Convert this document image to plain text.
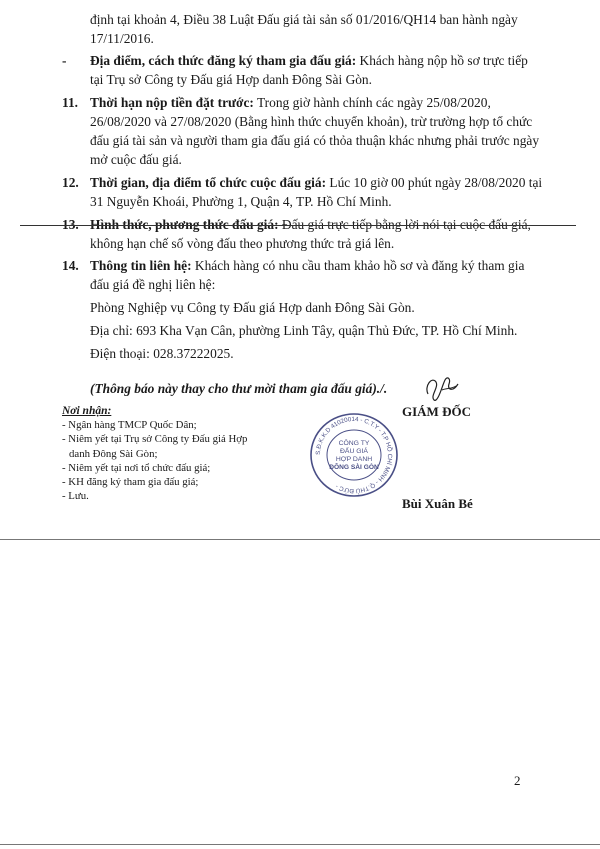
định tại khoản 4, Điều 38 Luật Đấu giá tài sản số 01/2016/QH14 ban hành ngày
17/11/2016.
- Địa điểm, cách thức đăng ký tham gia đấu giá: Khách hàng nộp hồ sơ trực tiếp
tại Trụ sở Công ty Đấu giá Hợp danh Đông Sài Gòn.
11. Thời hạn nộp tiền đặt trước: Trong giờ hành chính các ngày 25/08/2020,
26/08/2020 và 27/08/2020 (Bằng hình thức chuyển khoản), trừ trường hợp tổ chức
đấu giá tài sản và người tham gia đấu giá có thỏa thuận khác nhưng phải trước ngày
mở cuộc đấu giá.
12. Thời gian, địa điểm tổ chức cuộc đấu giá: Lúc 10 giờ 00 phút ngày 28/08/2020 tại
31 Nguyễn Khoái, Phường 1, Quận 4, TP. Hồ Chí Minh.
13. Hình thức, phương thức đấu giá: Đấu giá trực tiếp bằng lời nói tại cuộc đấu giá,
không hạn chế số vòng đấu theo phương thức trả giá lên.
14. Thông tin liên hệ: Khách hàng có nhu cầu tham khảo hồ sơ và đăng ký tham gia
đấu giá đề nghị liên hệ:
Phòng Nghiệp vụ Công ty Đấu giá Hợp danh Đông Sài Gòn.
Địa chỉ: 693 Kha Vạn Cân, phường Linh Tây, quận Thủ Đức, TP. Hồ Chí Minh.
Điện thoại: 028.37222025.
(Thông báo này thay cho thư mời tham gia đấu giá)./.
Nơi nhận:
- Ngân hàng TMCP Quốc Dân;
- Niêm yết tại Trụ sở Công ty Đấu giá Hợp
danh Đông Sài Gòn;
- Niêm yết tại nơi tổ chức đấu giá;
- KH đăng ký tham gia đấu giá;
- Lưu.
GIÁM ĐỐC
S.Đ.K.K.D 41020014 - C.T.Y - T.P HỒ CHÍ MINH - Q.THỦ ĐỨC -
CÔNG TY
ĐẤU GIÁ
HỢP DANH
ĐÔNG SÀI GÒN
Bùi Xuân Bé
2
